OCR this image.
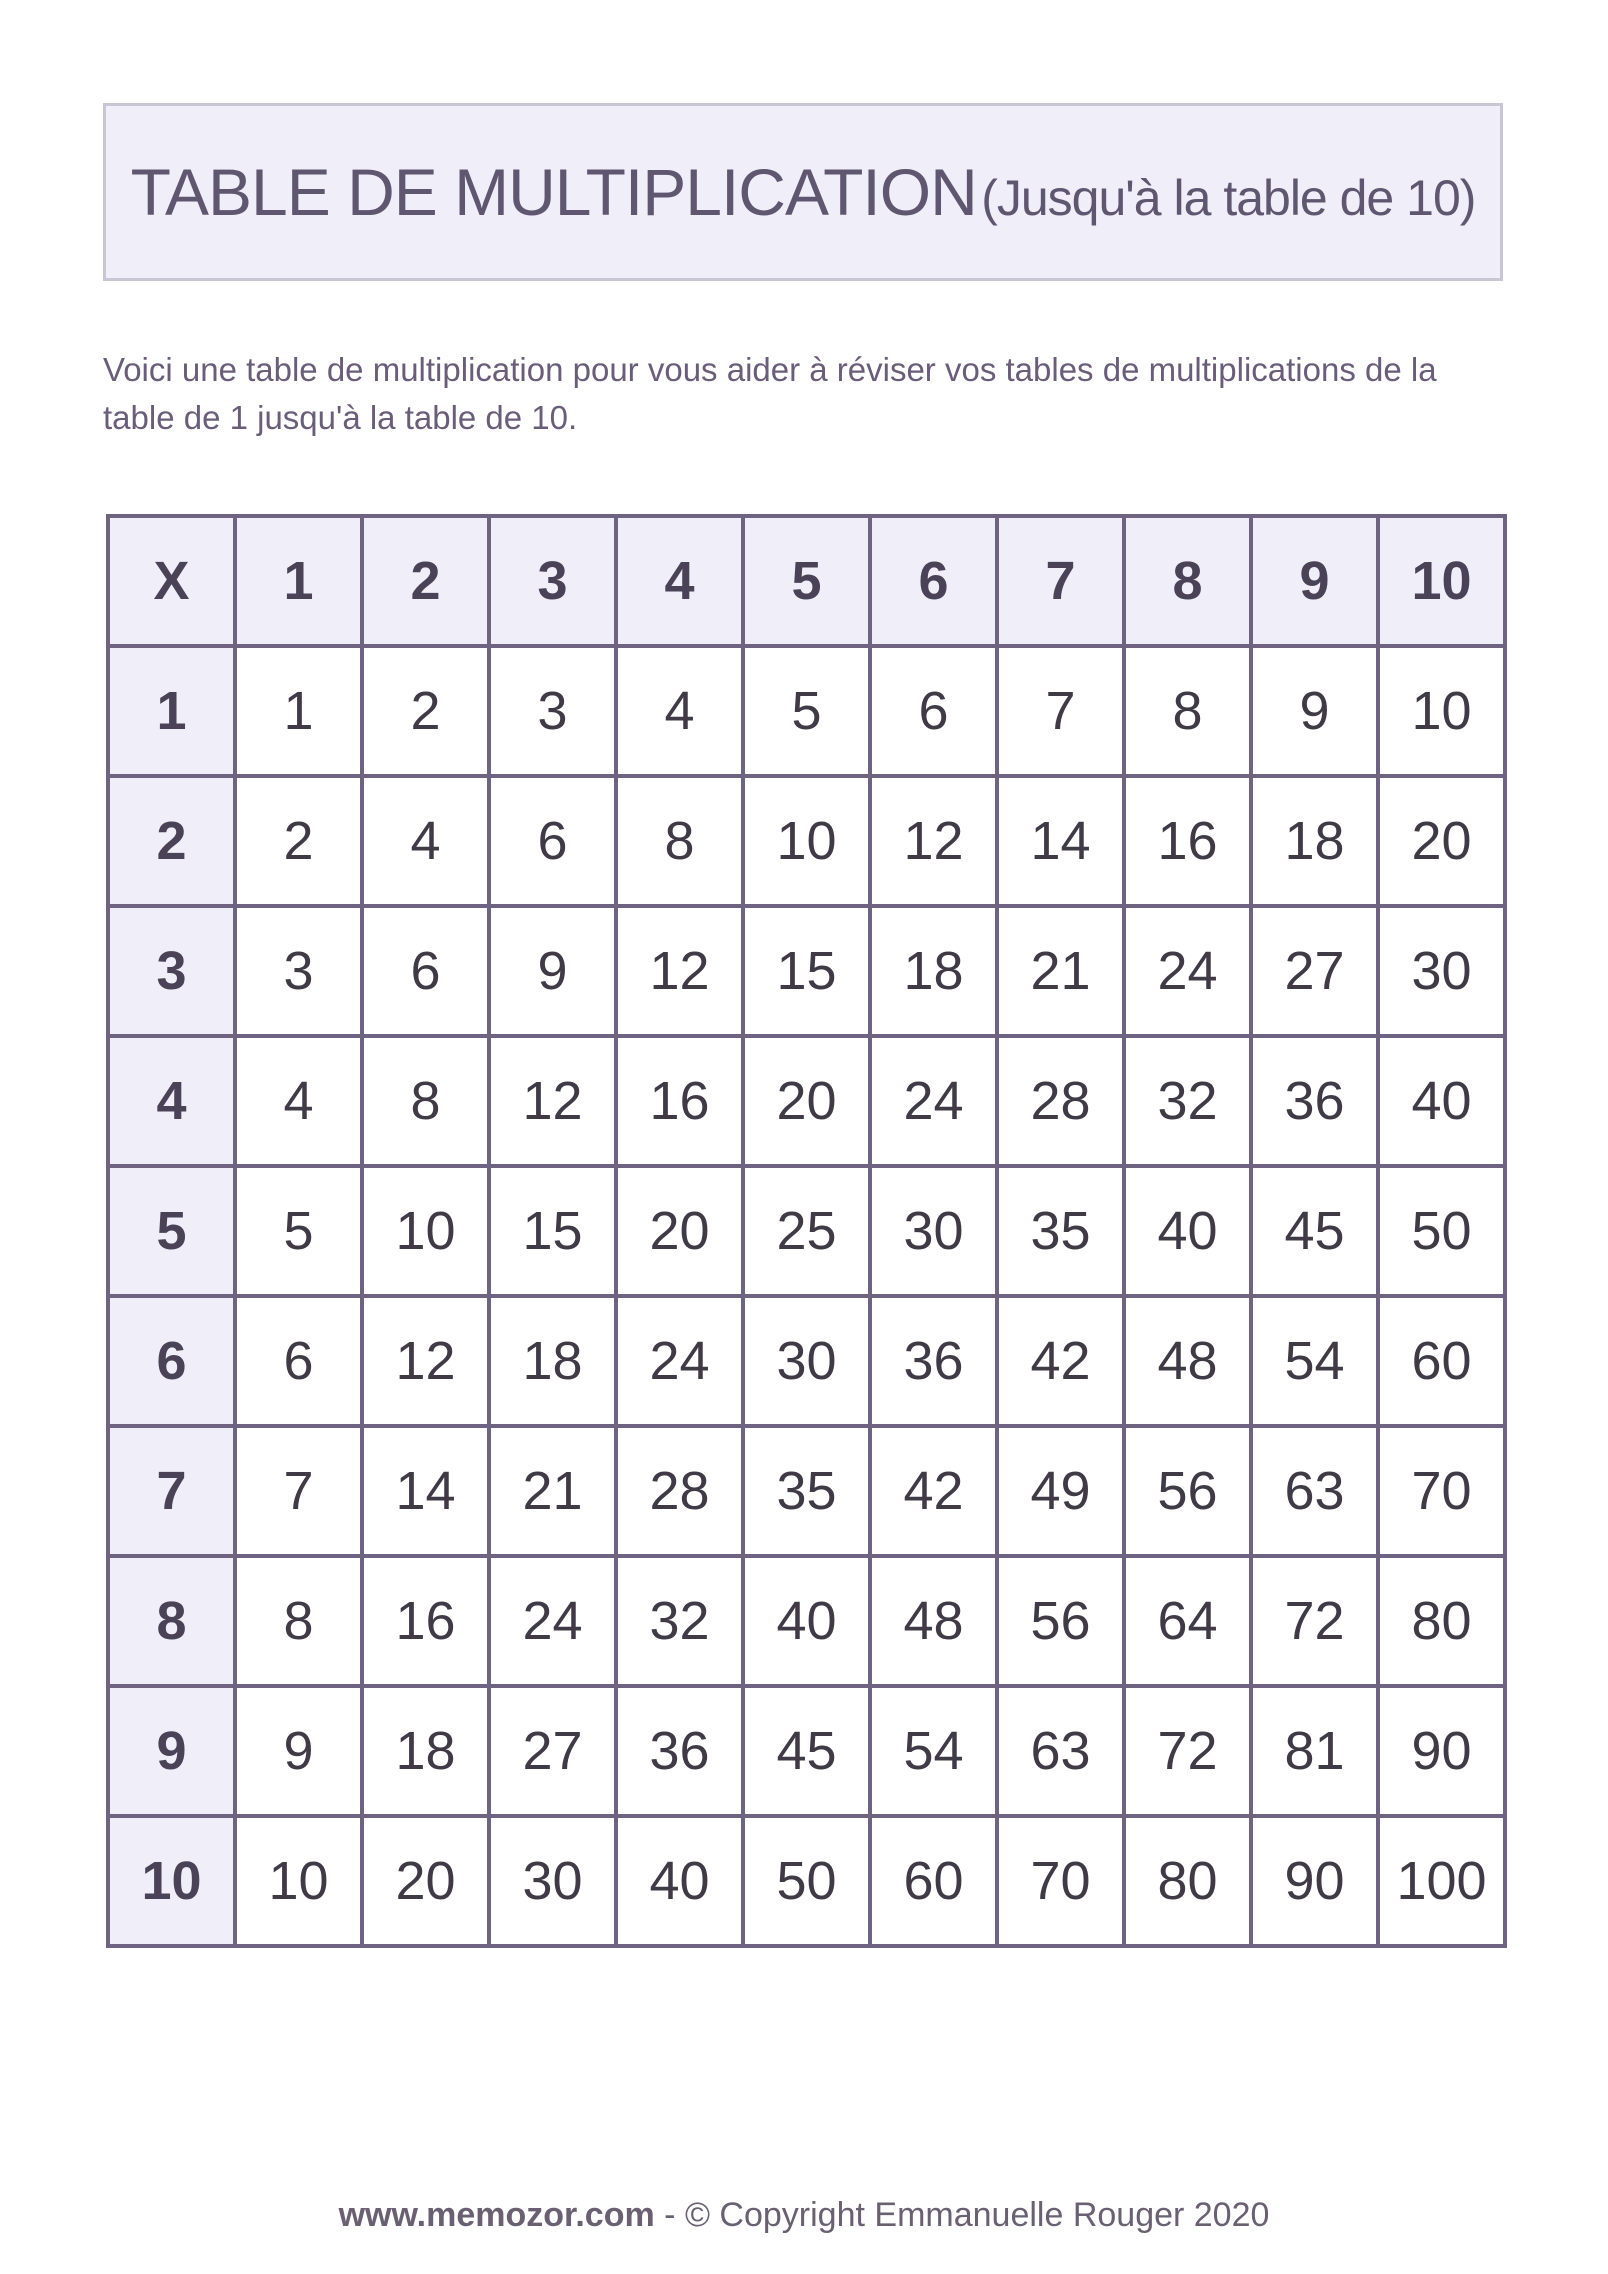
TABLE DE MULTIPLICATION (Jusqu'à la table de 10)

Voici une table de multiplication pour vous aider à réviser vos tables de multiplications de la
table de 1 jusqu'à la table de 10.

X	1	2	3	4	5	6	7	8	9	10
1	1	2	3	4	5	6	7	8	9	10
2	2	4	6	8	10	12	14	16	18	20
3	3	6	9	12	15	18	21	24	27	30
4	4	8	12	16	20	24	28	32	36	40
5	5	10	15	20	25	30	35	40	45	50
6	6	12	18	24	30	36	42	48	54	60
7	7	14	21	28	35	42	49	56	63	70
8	8	16	24	32	40	48	56	64	72	80
9	9	18	27	36	45	54	63	72	81	90
10	10	20	30	40	50	60	70	80	90	100
www.memozor.com - © Copyright Emmanuelle Rouger 2020
